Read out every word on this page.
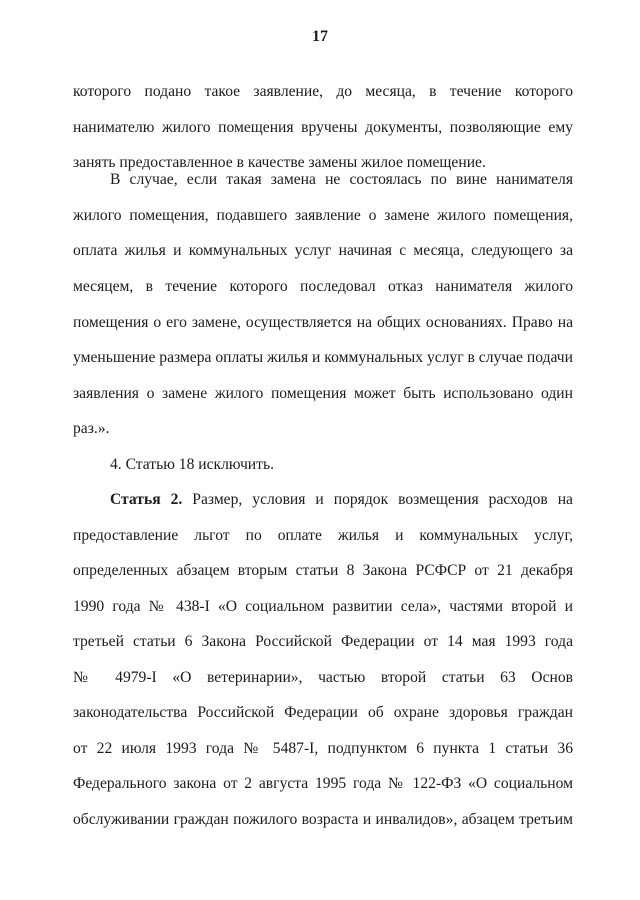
17
которого подано такое заявление, до месяца, в течение которого
нанимателю жилого помещения вручены документы, позволяющие ему
занять предоставленное в качестве замены жилое помещение.
В случае, если такая замена не состоялась по вине нанимателя
жилого помещения, подавшего заявление о замене жилого помещения,
оплата жилья и коммунальных услуг начиная с месяца, следующего за
месяцем, в течение которого последовал отказ нанимателя жилого
помещения о его замене, осуществляется на общих основаниях. Право на
уменьшение размера оплаты жилья и коммунальных услуг в случае подачи
заявления о замене жилого помещения может быть использовано один
раз.».
4. Статью 18 исключить.
Статья 2. Размер, условия и порядок возмещения расходов на
предоставление льгот по оплате жилья и коммунальных услуг,
определенных абзацем вторым статьи 8 Закона РСФСР от 21 декабря
1990 года № 438-I «О социальном развитии села», частями второй и
третьей статьи 6 Закона Российской Федерации от 14 мая 1993 года
№ 4979-I «О ветеринарии», частью второй статьи 63 Основ
законодательства Российской Федерации об охране здоровья граждан
от 22 июля 1993 года № 5487-I, подпунктом 6 пункта 1 статьи 36
Федерального закона от 2 августа 1995 года № 122-ФЗ «О социальном
обслуживании граждан пожилого возраста и инвалидов», абзацем третьим
